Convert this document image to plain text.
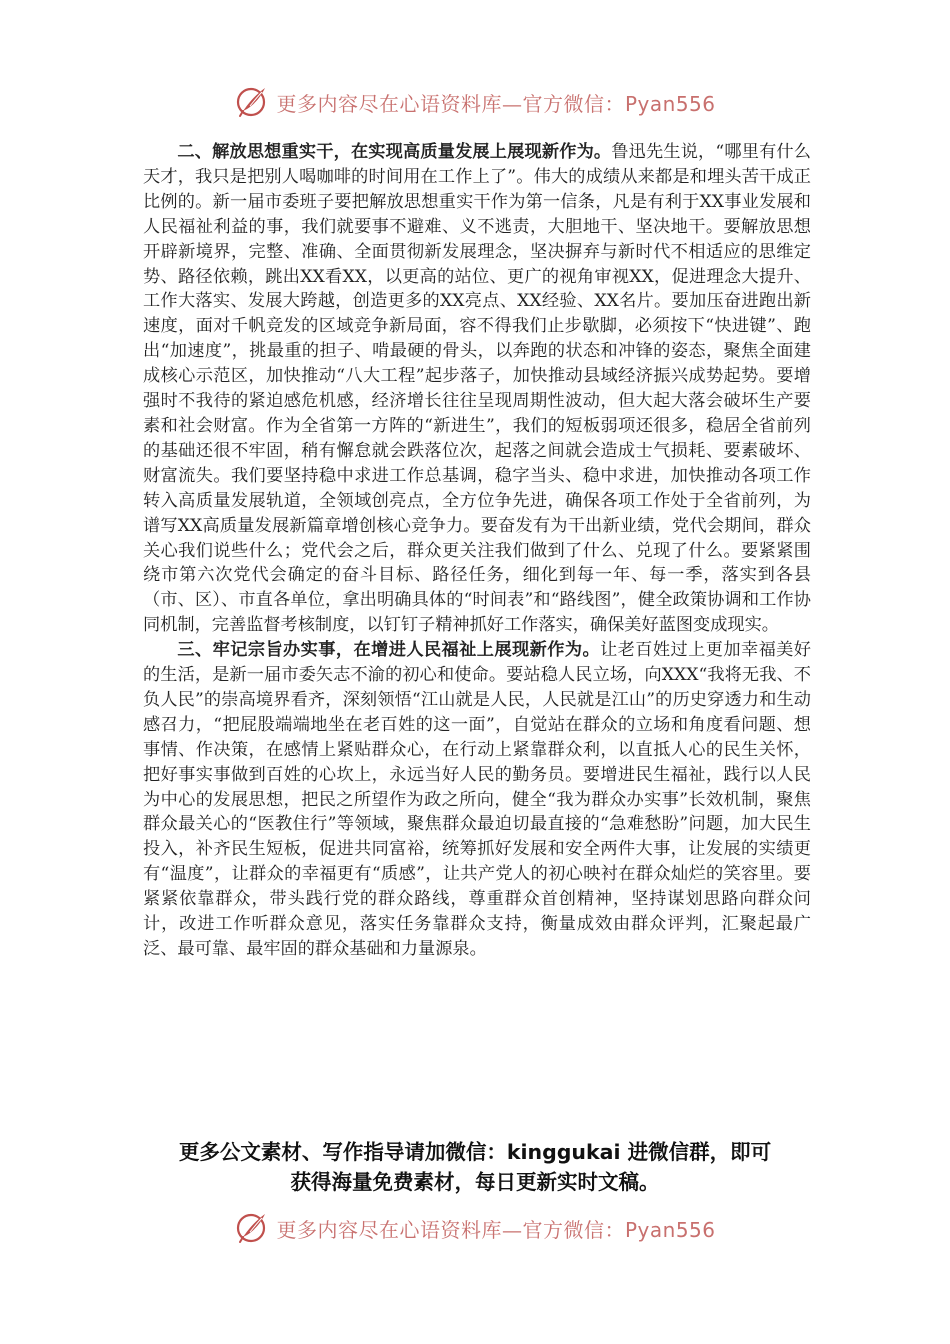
更多内容尽在心语资料库—官方微信：Pyan556

二、解放思想重实干，在实现高质量发展上展现新作为。鲁迅先生说，“哪里有什么天才，我只是把别人喝咖啡的时间用在工作上了”。伟大的成绩从来都是和埋头苦干成正比例的。新一届市委班子要把解放思想重实干作为第一信条，凡是有利于XX事业发展和人民福祉利益的事，我们就要事不避难、义不逃责，大胆地干、坚决地干。要解放思想开辟新境界，完整、准确、全面贯彻新发展理念，坚决摒弃与新时代不相适应的思维定势、路径依赖，跳出XX看XX，以更高的站位、更广的视角审视XX，促进理念大提升、工作大落实、发展大跨越，创造更多的XX亮点、XX经验、XX名片。要加压奋进跑出新速度，面对千帆竞发的区域竞争新局面，容不得我们止步歇脚，必须按下“快进键”、跑出“加速度”，挑最重的担子、啃最硬的骨头，以奔跑的状态和冲锋的姿态，聚焦全面建成核心示范区，加快推动“八大工程”起步落子，加快推动县域经济振兴成势起势。要增强时不我待的紧迫感危机感，经济增长往往呈现周期性波动，但大起大落会破坏生产要素和社会财富。作为全省第一方阵的“新进生”，我们的短板弱项还很多，稳居全省前列的基础还很不牢固，稍有懈怠就会跌落位次，起落之间就会造成士气损耗、要素破坏、财富流失。我们要坚持稳中求进工作总基调，稳字当头、稳中求进，加快推动各项工作转入高质量发展轨道，全领域创亮点，全方位争先进，确保各项工作处于全省前列，为谱写XX高质量发展新篇章增创核心竞争力。要奋发有为干出新业绩，党代会期间，群众关心我们说些什么；党代会之后，群众更关注我们做到了什么、兑现了什么。要紧紧围绕市第六次党代会确定的奋斗目标、路径任务，细化到每一年、每一季，落实到各县（市、区）、市直各单位，拿出明确具体的“时间表”和“路线图”，健全政策协调和工作协同机制，完善监督考核制度，以钉钉子精神抓好工作落实，确保美好蓝图变成现实。

三、牢记宗旨办实事，在增进人民福祉上展现新作为。让老百姓过上更加幸福美好的生活，是新一届市委矢志不渝的初心和使命。要站稳人民立场，向XXX“我将无我、不负人民”的崇高境界看齐，深刻领悟“江山就是人民，人民就是江山”的历史穿透力和生动感召力，“把屁股端端地坐在老百姓的这一面”，自觉站在群众的立场和角度看问题、想事情、作决策，在感情上紧贴群众心，在行动上紧靠群众利，以直抵人心的民生关怀，把好事实事做到百姓的心坎上，永远当好人民的勤务员。要增进民生福祉，践行以人民为中心的发展思想，把民之所望作为政之所向，健全“我为群众办实事”长效机制，聚焦群众最关心的“医教住行”等领域，聚焦群众最迫切最直接的“急难愁盼”问题，加大民生投入，补齐民生短板，促进共同富裕，统筹抓好发展和安全两件大事，让发展的实绩更有“温度”，让群众的幸福更有“质感”，让共产党人的初心映衬在群众灿烂的笑容里。要紧紧依靠群众，带头践行党的群众路线，尊重群众首创精神，坚持谋划思路向群众问计，改进工作听群众意见，落实任务靠群众支持，衡量成效由群众评判，汇聚起最广泛、最可靠、最牢固的群众基础和力量源泉。

更多公文素材、写作指导请加微信：kinggukai 进微信群，即可
获得海量免费素材，每日更新实时文稿。
更多内容尽在心语资料库—官方微信：Pyan556
